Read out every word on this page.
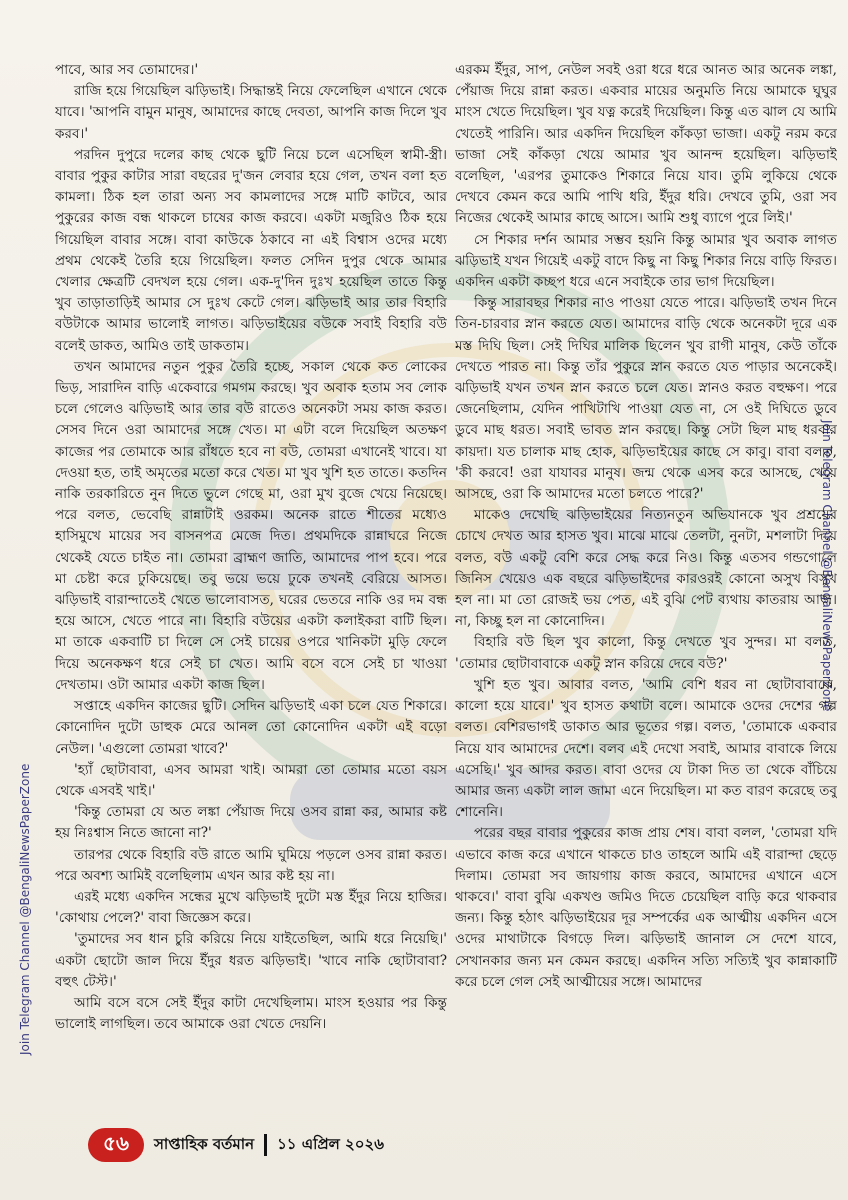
Join Telegram Channel @BengaliNewsPaperZone
Join Telegram Channel @BengaliNewsPaperZone

পাবে, আর সব তোমাদের।'

রাজি হয়ে গিয়েছিল ঝড়িভাই। সিদ্ধান্তই নিয়ে ফেলেছিল এখানে থেকে যাবে। 'আপনি বামুন মানুষ, আমাদের কাছে দেবতা, আপনি কাজ দিলে খুব করব।'

পরদিন দুপুরে দলের কাছ থেকে ছুটি নিয়ে চলে এসেছিল স্বামী-স্ত্রী। বাবার পুকুর কাটার সারা বছরের দু'জন লেবার হয়ে গেল, তখন বলা হত কামলা। ঠিক হল তারা অন্য সব কামলাদের সঙ্গে মাটি কাটবে, আর পুকুরের কাজ বন্ধ থাকলে চাষের কাজ করবে। একটা মজুরিও ঠিক হয়ে গিয়েছিল বাবার সঙ্গে। বাবা কাউকে ঠকাবে না এই বিশ্বাস ওদের মধ্যে প্রথম থেকেই তৈরি হয়ে গিয়েছিল। ফলত সেদিন দুপুর থেকে আমার খেলার ক্ষেত্রটি বেদখল হয়ে গেল। এক-দু'দিন দুঃখ হয়েছিল তাতে কিন্তু খুব তাড়াতাড়িই আমার সে দুঃখ কেটে গেল। ঝড়িভাই আর তার বিহারি বউটাকে আমার ভালোই লাগত। ঝড়িভাইয়ের বউকে সবাই বিহারি বউ বলেই ডাকত, আমিও তাই ডাকতাম।

তখন আমাদের নতুন পুকুর তৈরি হচ্ছে, সকাল থেকে কত লোকের ভিড়, সারাদিন বাড়ি একেবারে গমগম করছে। খুব অবাক হতাম সব লোক চলে গেলেও ঝড়িভাই আর তার বউ রাতেও অনেকটা সময় কাজ করত। সেসব দিনে ওরা আমাদের সঙ্গে খেত। মা এটা বলে দিয়েছিল অতক্ষণ কাজের পর তোমাকে আর রাঁধতে হবে না বউ, তোমরা এখানেই খাবে। যা দেওয়া হত, তাই অমৃতের মতো করে খেত। মা খুব খুশি হত তাতে। কতদিন নাকি তরকারিতে নুন দিতে ভুলে গেছে মা, ওরা মুখ বুজে খেয়ে নিয়েছে। পরে বলত, ভেবেছি রান্নাটাই ওরকম। অনেক রাতে শীতের মধ্যেও হাসিমুখে মায়ের সব বাসনপত্র মেজে দিত। প্রথমদিকে রান্নাঘরে নিজে থেকেই যেতে চাইত না। তোমরা ব্রাহ্মণ জাতি, আমাদের পাপ হবে। পরে মা চেষ্টা করে ঢুকিয়েছে। তবু ভয়ে ভয়ে ঢুকে তখনই বেরিয়ে আসত। ঝড়িভাই বারান্দাতেই খেতে ভালোবাসত, ঘরের ভেতরে নাকি ওর দম বন্ধ হয়ে আসে, খেতে পারে না। বিহারি বউয়ের একটা কলাইকরা বাটি ছিল। মা তাকে একবাটি চা দিলে সে সেই চায়ের ওপরে খানিকটা মুড়ি ফেলে দিয়ে অনেকক্ষণ ধরে সেই চা খেত। আমি বসে বসে সেই চা খাওয়া দেখতাম। ওটা আমার একটা কাজ ছিল।

সপ্তাহে একদিন কাজের ছুটি। সেদিন ঝড়িভাই একা চলে যেত শিকারে। কোনোদিন দুটো ডাহুক মেরে আনল তো কোনোদিন একটা এই বড়ো নেউল। 'এগুলো তোমরা খাবে?'

'হ্যাঁ ছোটাবাবা, এসব আমরা খাই। আমরা তো তোমার মতো বয়স থেকে এসবই খাই।'

'কিন্তু তোমরা যে অত লঙ্কা পেঁয়াজ দিয়ে ওসব রান্না কর, আমার কষ্ট হয় নিঃশ্বাস নিতে জানো না?'

তারপর থেকে বিহারি বউ রাতে আমি ঘুমিয়ে পড়লে ওসব রান্না করত। পরে অবশ্য আমিই বলেছিলাম এখন আর কষ্ট হয় না।

এরই মধ্যে একদিন সন্ধের মুখে ঝড়িভাই দুটো মস্ত ইঁদুর নিয়ে হাজির। 'কোথায় পেলে?' বাবা জিজ্ঞেস করে।

'তুমাদের সব ধান চুরি করিয়ে নিয়ে যাইতেছিল, আমি ধরে নিয়েছি।' একটা ছোটো জাল দিয়ে ইঁদুর ধরত ঝড়িভাই। 'খাবে নাকি ছোটাবাবা? বহুৎ টেস্ট।'

আমি বসে বসে সেই ইঁদুর কাটা দেখেছিলাম। মাংস হওয়ার পর কিন্তু ভালোই লাগছিল। তবে আমাকে ওরা খেতে দেয়নি।

এরকম ইঁদুর, সাপ, নেউল সবই ওরা ধরে ধরে আনত আর অনেক লঙ্কা, পেঁয়াজ দিয়ে রান্না করত। একবার মায়ের অনুমতি নিয়ে আমাকে ঘুঘুর মাংস খেতে দিয়েছিল। খুব যত্ন করেই দিয়েছিল। কিন্তু এত ঝাল যে আমি খেতেই পারিনি। আর একদিন দিয়েছিল কাঁকড়া ভাজা। একটু নরম করে ভাজা সেই কাঁকড়া খেয়ে আমার খুব আনন্দ হয়েছিল। ঝড়িভাই বলেছিল, 'এরপর তুমাকেও শিকারে নিয়ে যাব। তুমি লুকিয়ে থেকে দেখবে কেমন করে আমি পাখি ধরি, ইঁদুর ধরি। দেখবে তুমি, ওরা সব নিজের থেকেই আমার কাছে আসে। আমি শুধু ব্যাগে পুরে লিই।'

সে শিকার দর্শন আমার সম্ভব হয়নি কিন্তু আমার খুব অবাক লাগত ঝড়িভাই যখন গিয়েই একটু বাদে কিছু না কিছু শিকার নিয়ে বাড়ি ফিরত। একদিন একটা কচ্ছপ ধরে এনে সবাইকে তার ভাগ দিয়েছিল।

কিন্তু সারাবছর শিকার নাও পাওয়া যেতে পারে। ঝড়িভাই তখন দিনে তিন-চারবার স্নান করতে যেত। আমাদের বাড়ি থেকে অনেকটা দূরে এক মস্ত দিঘি ছিল। সেই দিঘির মালিক ছিলেন খুব রাগী মানুষ, কেউ তাঁকে দেখতে পারত না। কিন্তু তাঁর পুকুরে স্নান করতে যেত পাড়ার অনেকেই। ঝড়িভাই যখন তখন স্নান করতে চলে যেত। স্নানও করত বহুক্ষণ। পরে জেনেছিলাম, যেদিন পাখিটাখি পাওয়া যেত না, সে ওই দিঘিতে ডুবে ডুবে মাছ ধরত। সবাই ভাবত স্নান করছে। কিন্তু সেটা ছিল মাছ ধরবার কায়দা। যত চালাক মাছ হোক, ঝড়িভাইয়ের কাছে সে কাবু। বাবা বলত, 'কী করবে! ওরা যাযাবর মানুষ। জন্ম থেকে এসব করে আসছে, খেয়ে আসছে, ওরা কি আমাদের মতো চলতে পারে?'

মাকেও দেখেছি ঝড়িভাইয়ের নিত্যনতুন অভিযানকে খুব প্রশ্রয়ের চোখে দেখত আর হাসত খুব। মাঝে মাঝে তেলটা, নুনটা, মশলাটা দিয়ে বলত, বউ একটু বেশি করে সেদ্ধ করে নিও। কিন্তু এতসব গন্ডগোলে জিনিস খেয়েও এক বছরে ঝড়িভাইদের কারওরই কোনো অসুখ বিসুখ হল না। মা তো রোজই ভয় পেত, এই বুঝি পেট ব্যথায় কাতরায় আজ। না, কিচ্ছু হল না কোনোদিন।

বিহারি বউ ছিল খুব কালো, কিন্তু দেখতে খুব সুন্দর। মা বলত, 'তোমার ছোটাবাবাকে একটু স্নান করিয়ে দেবে বউ?'

খুশি হত খুব। আবার বলত, 'আমি বেশি ধরব না ছোটাবাবাকে, কালো হয়ে যাবে।' খুব হাসত কথাটা বলে। আমাকে ওদের দেশের গল্প বলত। বেশিরভাগই ডাকাত আর ভূতের গল্প। বলত, 'তোমাকে একবার নিয়ে যাব আমাদের দেশে। বলব এই দেখো সবাই, আমার বাবাকে লিয়ে এসেছি।' খুব আদর করত। বাবা ওদের যে টাকা দিত তা থেকে বাঁচিয়ে আমার জন্য একটা লাল জামা এনে দিয়েছিল। মা কত বারণ করেছে তবু শোনেনি।

পরের বছর বাবার পুকুরের কাজ প্রায় শেষ। বাবা বলল, 'তোমরা যদি এভাবে কাজ করে এখানে থাকতে চাও তাহলে আমি এই বারান্দা ছেড়ে দিলাম। তোমরা সব জায়গায় কাজ করবে, আমাদের এখানে এসে থাকবে।' বাবা বুঝি একখণ্ড জমিও দিতে চেয়েছিল বাড়ি করে থাকবার জন্য। কিন্তু হঠাৎ ঝড়িভাইয়ের দূর সম্পর্কের এক আত্মীয় একদিন এসে ওদের মাথাটাকে বিগড়ে দিল। ঝড়িভাই জানাল সে দেশে যাবে, সেখানকার জন্য মন কেমন করছে। একদিন সত্যি সত্যিই খুব কান্নাকাটি করে চলে গেল সেই আত্মীয়ের সঙ্গে। আমাদের

৫৬	সাপ্তাহিক বর্তমান ১১ এপ্রিল ২০২৬
